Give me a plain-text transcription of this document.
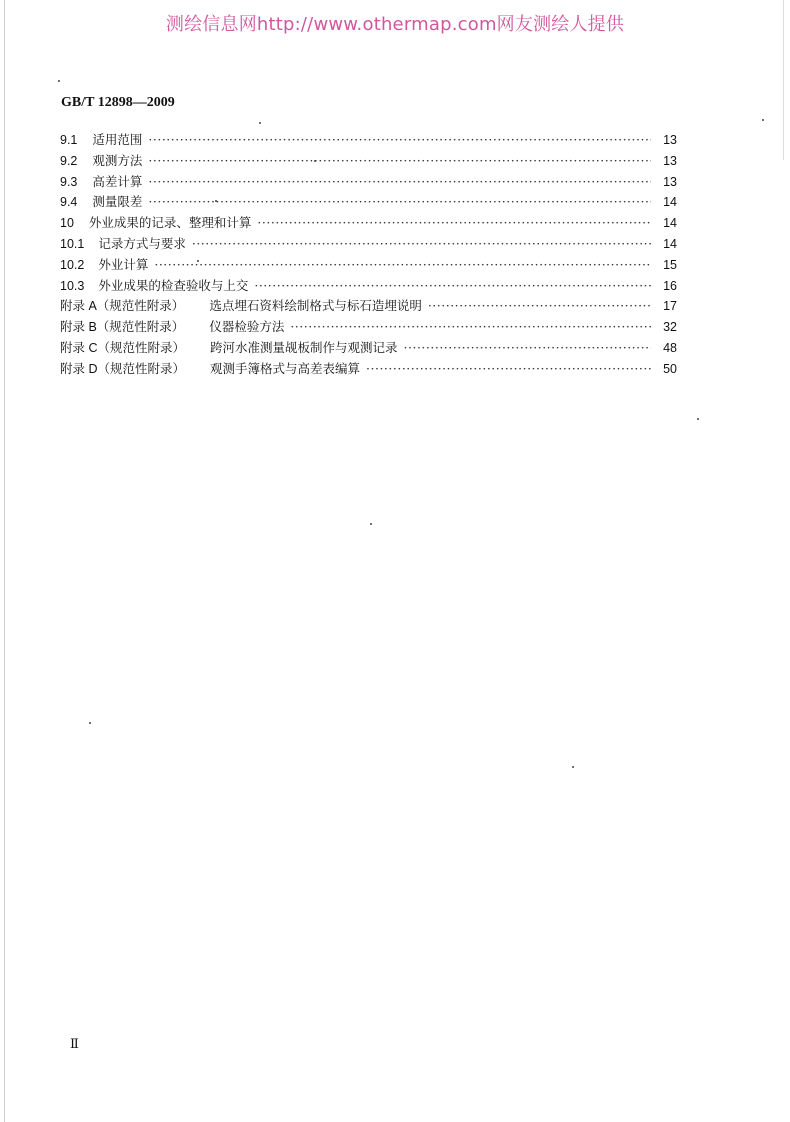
测绘信息网http://www.othermap.com网友测绘人提供
GB/T 12898—2009
9.1	适用范围 ·····	13
9.2	观测方法 ·····	13
9.3	高差计算 ·····	13
9.4	测量限差 ·····	14
10	外业成果的记录、整理和计算 ·····	14
10.1	记录方式与要求 ·····	14
10.2	外业计算 ·····	15
10.3	外业成果的检查验收与上交 ·····	16
附录 A（规范性附录）	选点埋石资料绘制格式与标石造埋说明 ·····	17
附录 B（规范性附录）	仪器检验方法 ·····	32
附录 C（规范性附录）	跨河水准测量觇板制作与观测记录 ·····	48
附录 D（规范性附录）	观测手簿格式与高差表编算 ·····	50
Ⅱ
